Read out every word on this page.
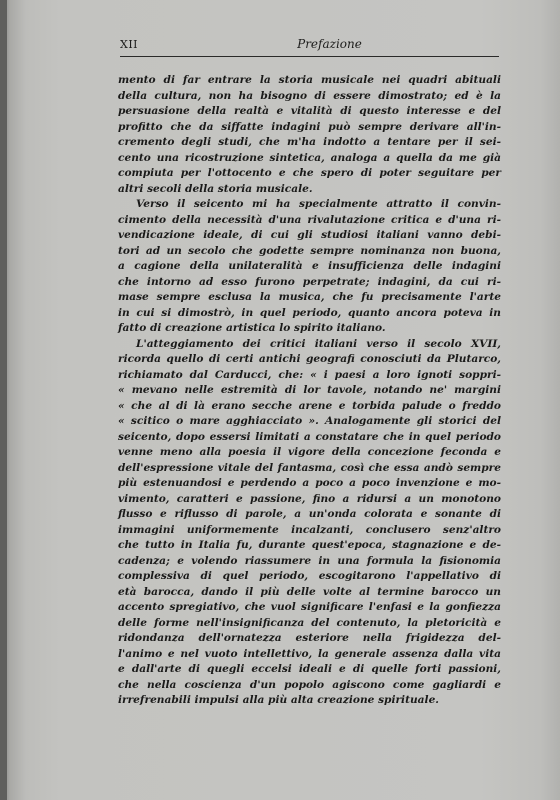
XII	Prefazione
mento di far entrare la storia musicale nei quadri abituali
della cultura, non ha bisogno di essere dimostrato; ed è la
persuasione della realtà e vitalità di questo interesse e del
profitto che da siffatte indagini può sempre derivare all'in-
cremento degli studi, che m'ha indotto a tentare per il sei-
cento una ricostruzione sintetica, analoga a quella da me già
compiuta per l'ottocento e che spero di poter seguitare per
altri secoli della storia musicale.
Verso il seicento mi ha specialmente attratto il convin-
cimento della necessità d'una rivalutazione critica e d'una ri-
vendicazione ideale, di cui gli studiosi italiani vanno debi-
tori ad un secolo che godette sempre nominanza non buona,
a cagione della unilateralità e insufficienza delle indagini
che intorno ad esso furono perpetrate; indagini, da cui ri-
mase sempre esclusa la musica, che fu precisamente l'arte
in cui si dimostrò, in quel periodo, quanto ancora poteva in
fatto di creazione artistica lo spirito italiano.
L'atteggiamento dei critici italiani verso il secolo XVII,
ricorda quello di certi antichi geografi conosciuti da Plutarco,
richiamato dal Carducci, che: « i paesi a loro ignoti soppri-
« mevano nelle estremità di lor tavole, notando ne' margini
« che al di là erano secche arene e torbida palude o freddo
« scitico o mare agghiacciato ». Analogamente gli storici del
seicento, dopo essersi limitati a constatare che in quel periodo
venne meno alla poesia il vigore della concezione feconda e
dell'espressione vitale del fantasma, così che essa andò sempre
più estenuandosi e perdendo a poco a poco invenzione e mo-
vimento, caratteri e passione, fino a ridursi a un monotono
flusso e riflusso di parole, a un'onda colorata e sonante di
immagini uniformemente incalzanti, conclusero senz'altro
che tutto in Italia fu, durante quest'epoca, stagnazione e de-
cadenza; e volendo riassumere in una formula la fisionomia
complessiva di quel periodo, escogitarono l'appellativo di
età barocca, dando il più delle volte al termine barocco un
accento spregiativo, che vuol significare l'enfasi e la gonfiezza
delle forme nell'insignificanza del contenuto, la pletoricità e
ridondanza dell'ornatezza esteriore nella frigidezza del-
l'animo e nel vuoto intellettivo, la generale assenza dalla vita
e dall'arte di quegli eccelsi ideali e di quelle forti passioni,
che nella coscienza d'un popolo agiscono come gagliardi e
irrefrenabili impulsi alla più alta creazione spirituale.
